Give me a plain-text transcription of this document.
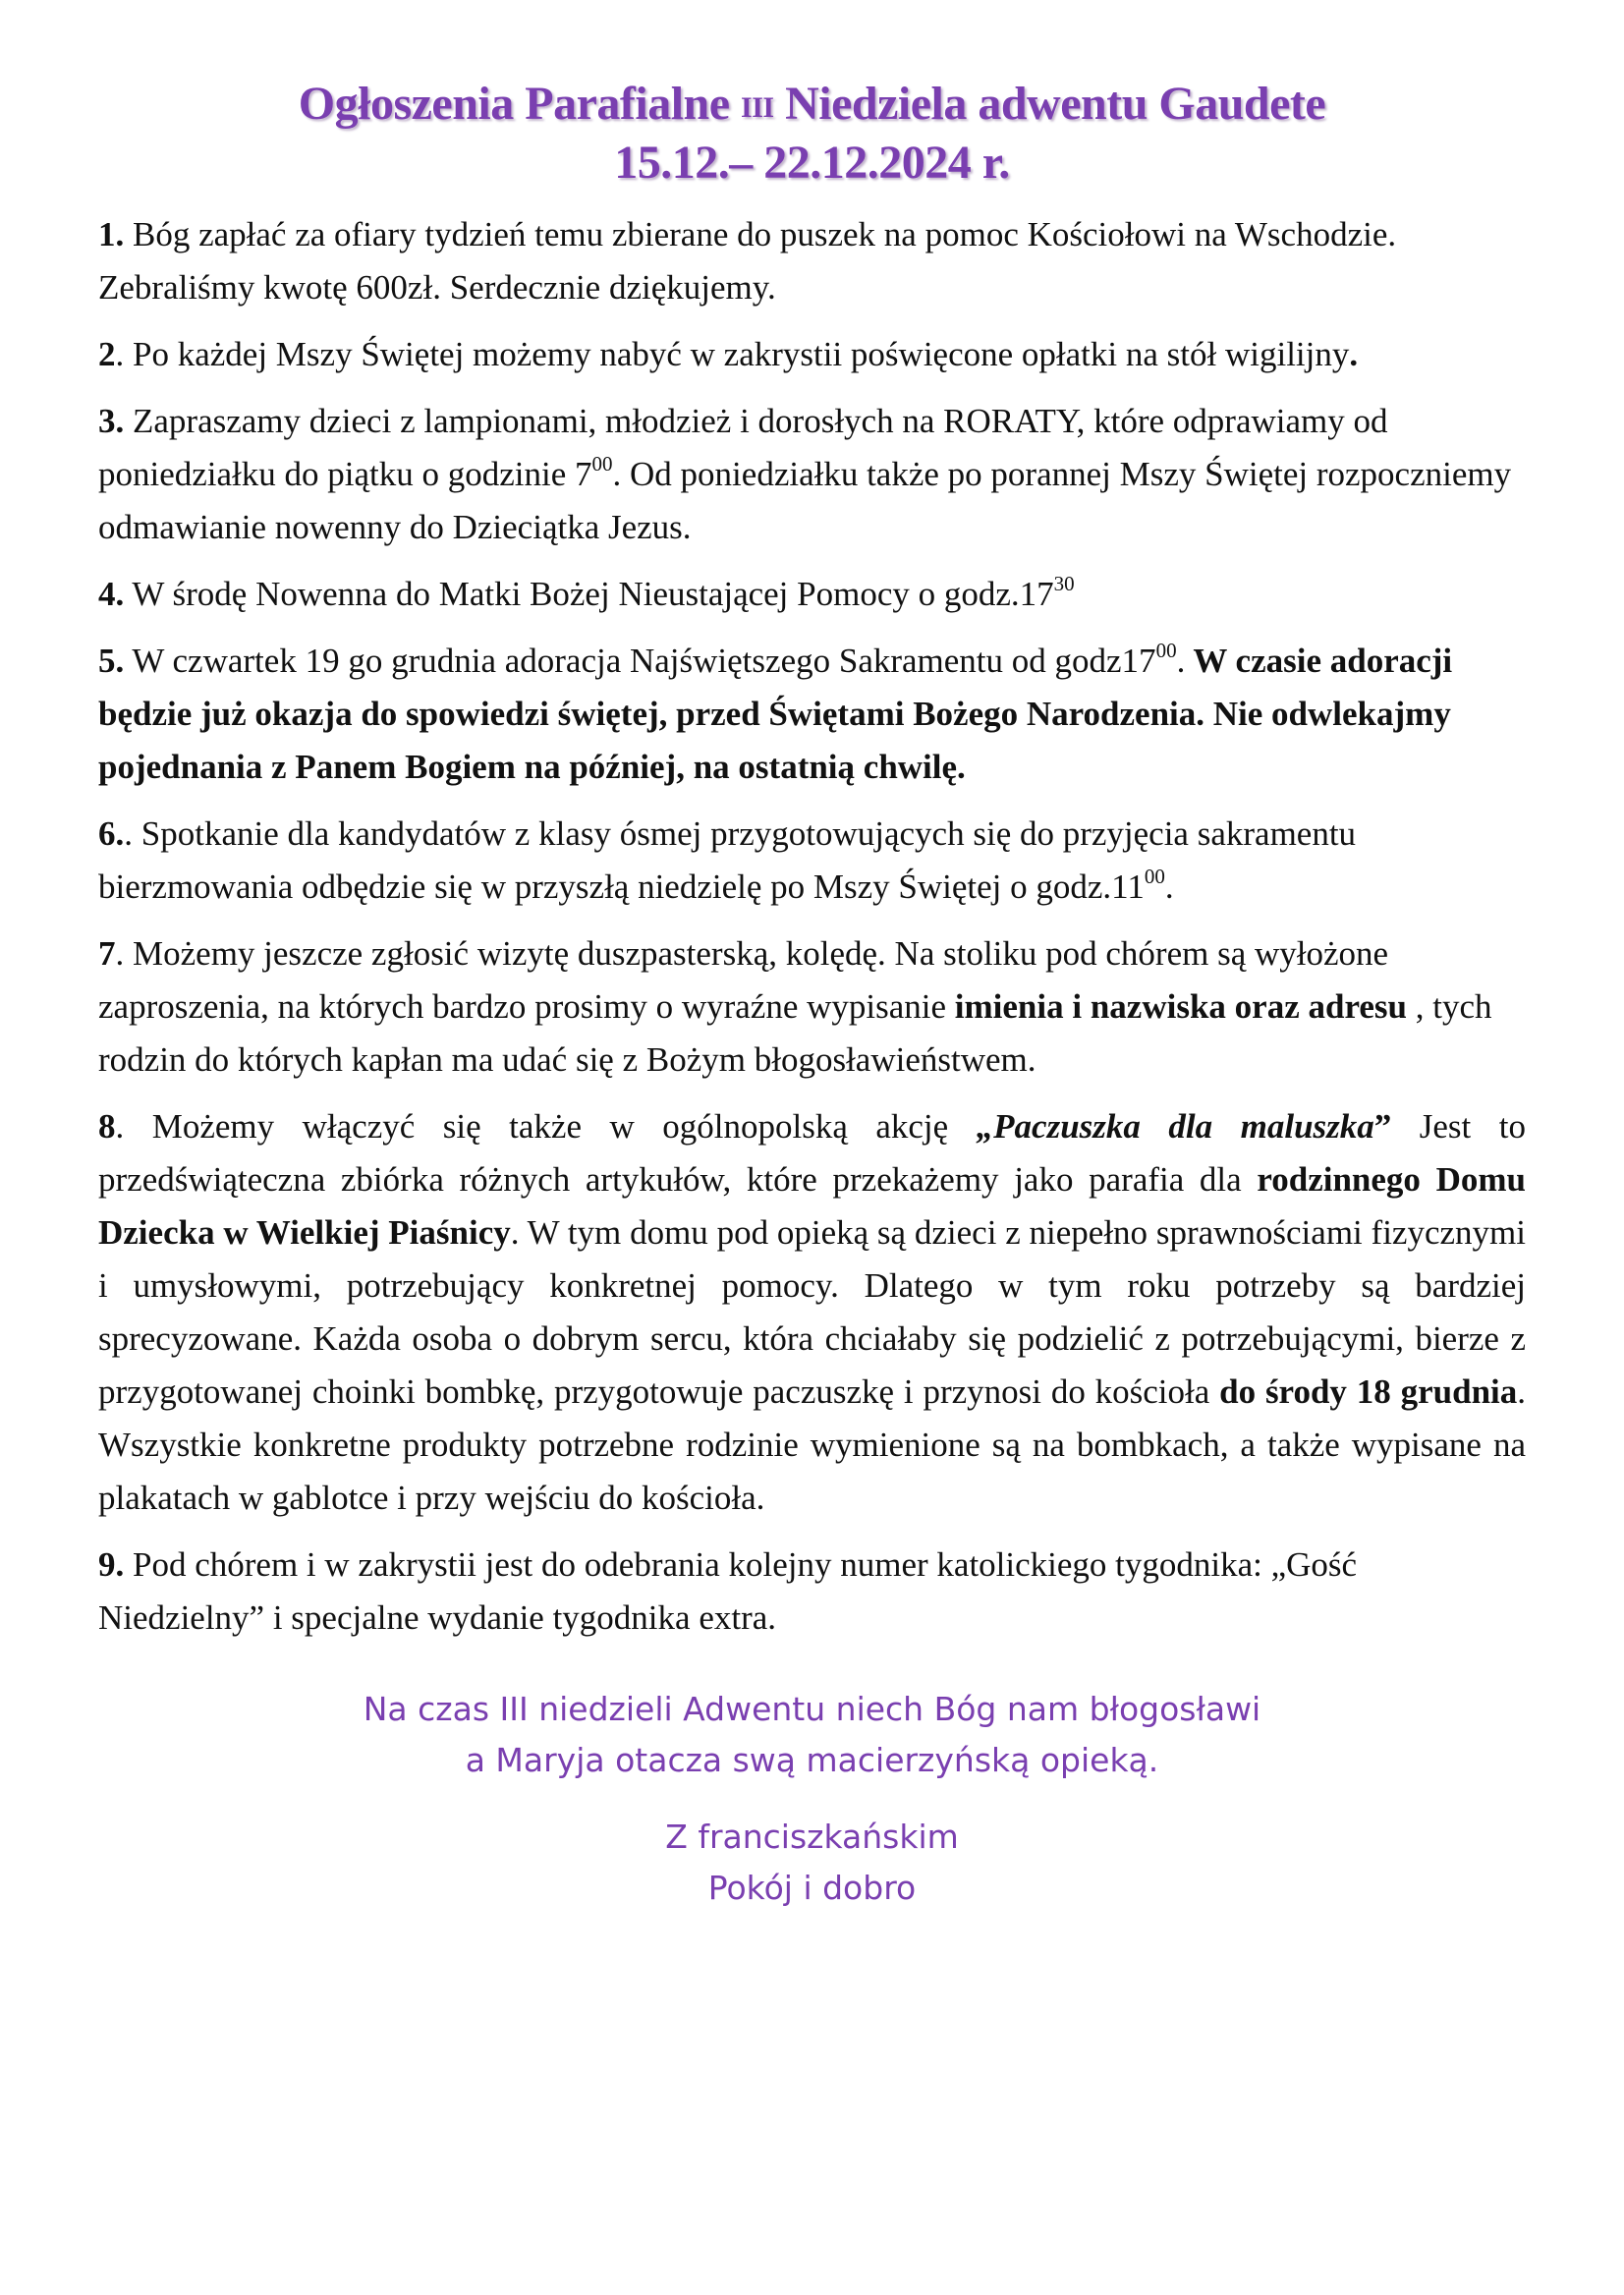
Ogłoszenia Parafialne III Niedziela adwentu Gaudete
15.12.– 22.12.2024 r.

1. Bóg zapłać za ofiary tydzień temu zbierane do puszek na pomoc Kościołowi na Wschodzie. Zebraliśmy kwotę 600zł. Serdecznie dziękujemy.

2. Po każdej Mszy Świętej możemy nabyć w zakrystii poświęcone opłatki na stół wigilijny.

3. Zapraszamy dzieci z lampionami, młodzież i dorosłych na RORATY, które odprawiamy od poniedziałku do piątku o godzinie $7^{00}$. Od poniedziałku także po porannej Mszy Świętej rozpoczniemy odmawianie nowenny do Dzieciątka Jezus.

4. W środę Nowenna do Matki Bożej Nieustającej Pomocy o $godz.17^{30}$

5. W czwartek 19 go grudnia adoracja Najświętszego Sakramentu od $godz17^{00}$. W czasie adoracji będzie już okazja do spowiedzi świętej, przed Świętami Bożego Narodzenia. Nie odwlekajmy pojednania z Panem Bogiem na później, na ostatnią chwilę.

6.. Spotkanie dla kandydatów z klasy ósmej przygotowujących się do przyjęcia sakramentu bierzmowania odbędzie się w przyszłą niedzielę po Mszy Świętej o $godz.11^{00}$.

7. Możemy jeszcze zgłosić wizytę duszpasterską, kolędę. Na stoliku pod chórem są wyłożone zaproszenia, na których bardzo prosimy o wyraźne wypisanie imienia i nazwiska oraz adresu , tych rodzin do których kapłan ma udać się z Bożym błogosławieństwem.

8. Możemy włączyć się także w ogólnopolską akcję „Paczuszka dla maluszka” Jest to przedświąteczna zbiórka różnych artykułów, które przekażemy jako parafia dla rodzinnego Domu Dziecka w Wielkiej Piaśnicy. W tym domu pod opieką są dzieci z niepełno sprawnościami fizycznymi i umysłowymi, potrzebujący konkretnej pomocy. Dlatego w tym roku potrzeby są bardziej sprecyzowane. Każda osoba o dobrym sercu, która chciałaby się podzielić z potrzebującymi, bierze z przygotowanej choinki bombkę, przygotowuje paczuszkę i przynosi do kościoła do środy 18 grudnia. Wszystkie konkretne produkty potrzebne rodzinie wymienione są na bombkach, a także wypisane na plakatach w gablotce i przy wejściu do kościoła.

9. Pod chórem i w zakrystii jest do odebrania kolejny numer katolickiego tygodnika: „Gość Niedzielny” i specjalne wydanie tygodnika extra.

Na czas III niedzieli Adwentu niech Bóg nam błogosławi
a Maryja otacza swą macierzyńską opieką.
Z franciszkańskim
Pokój i dobro
